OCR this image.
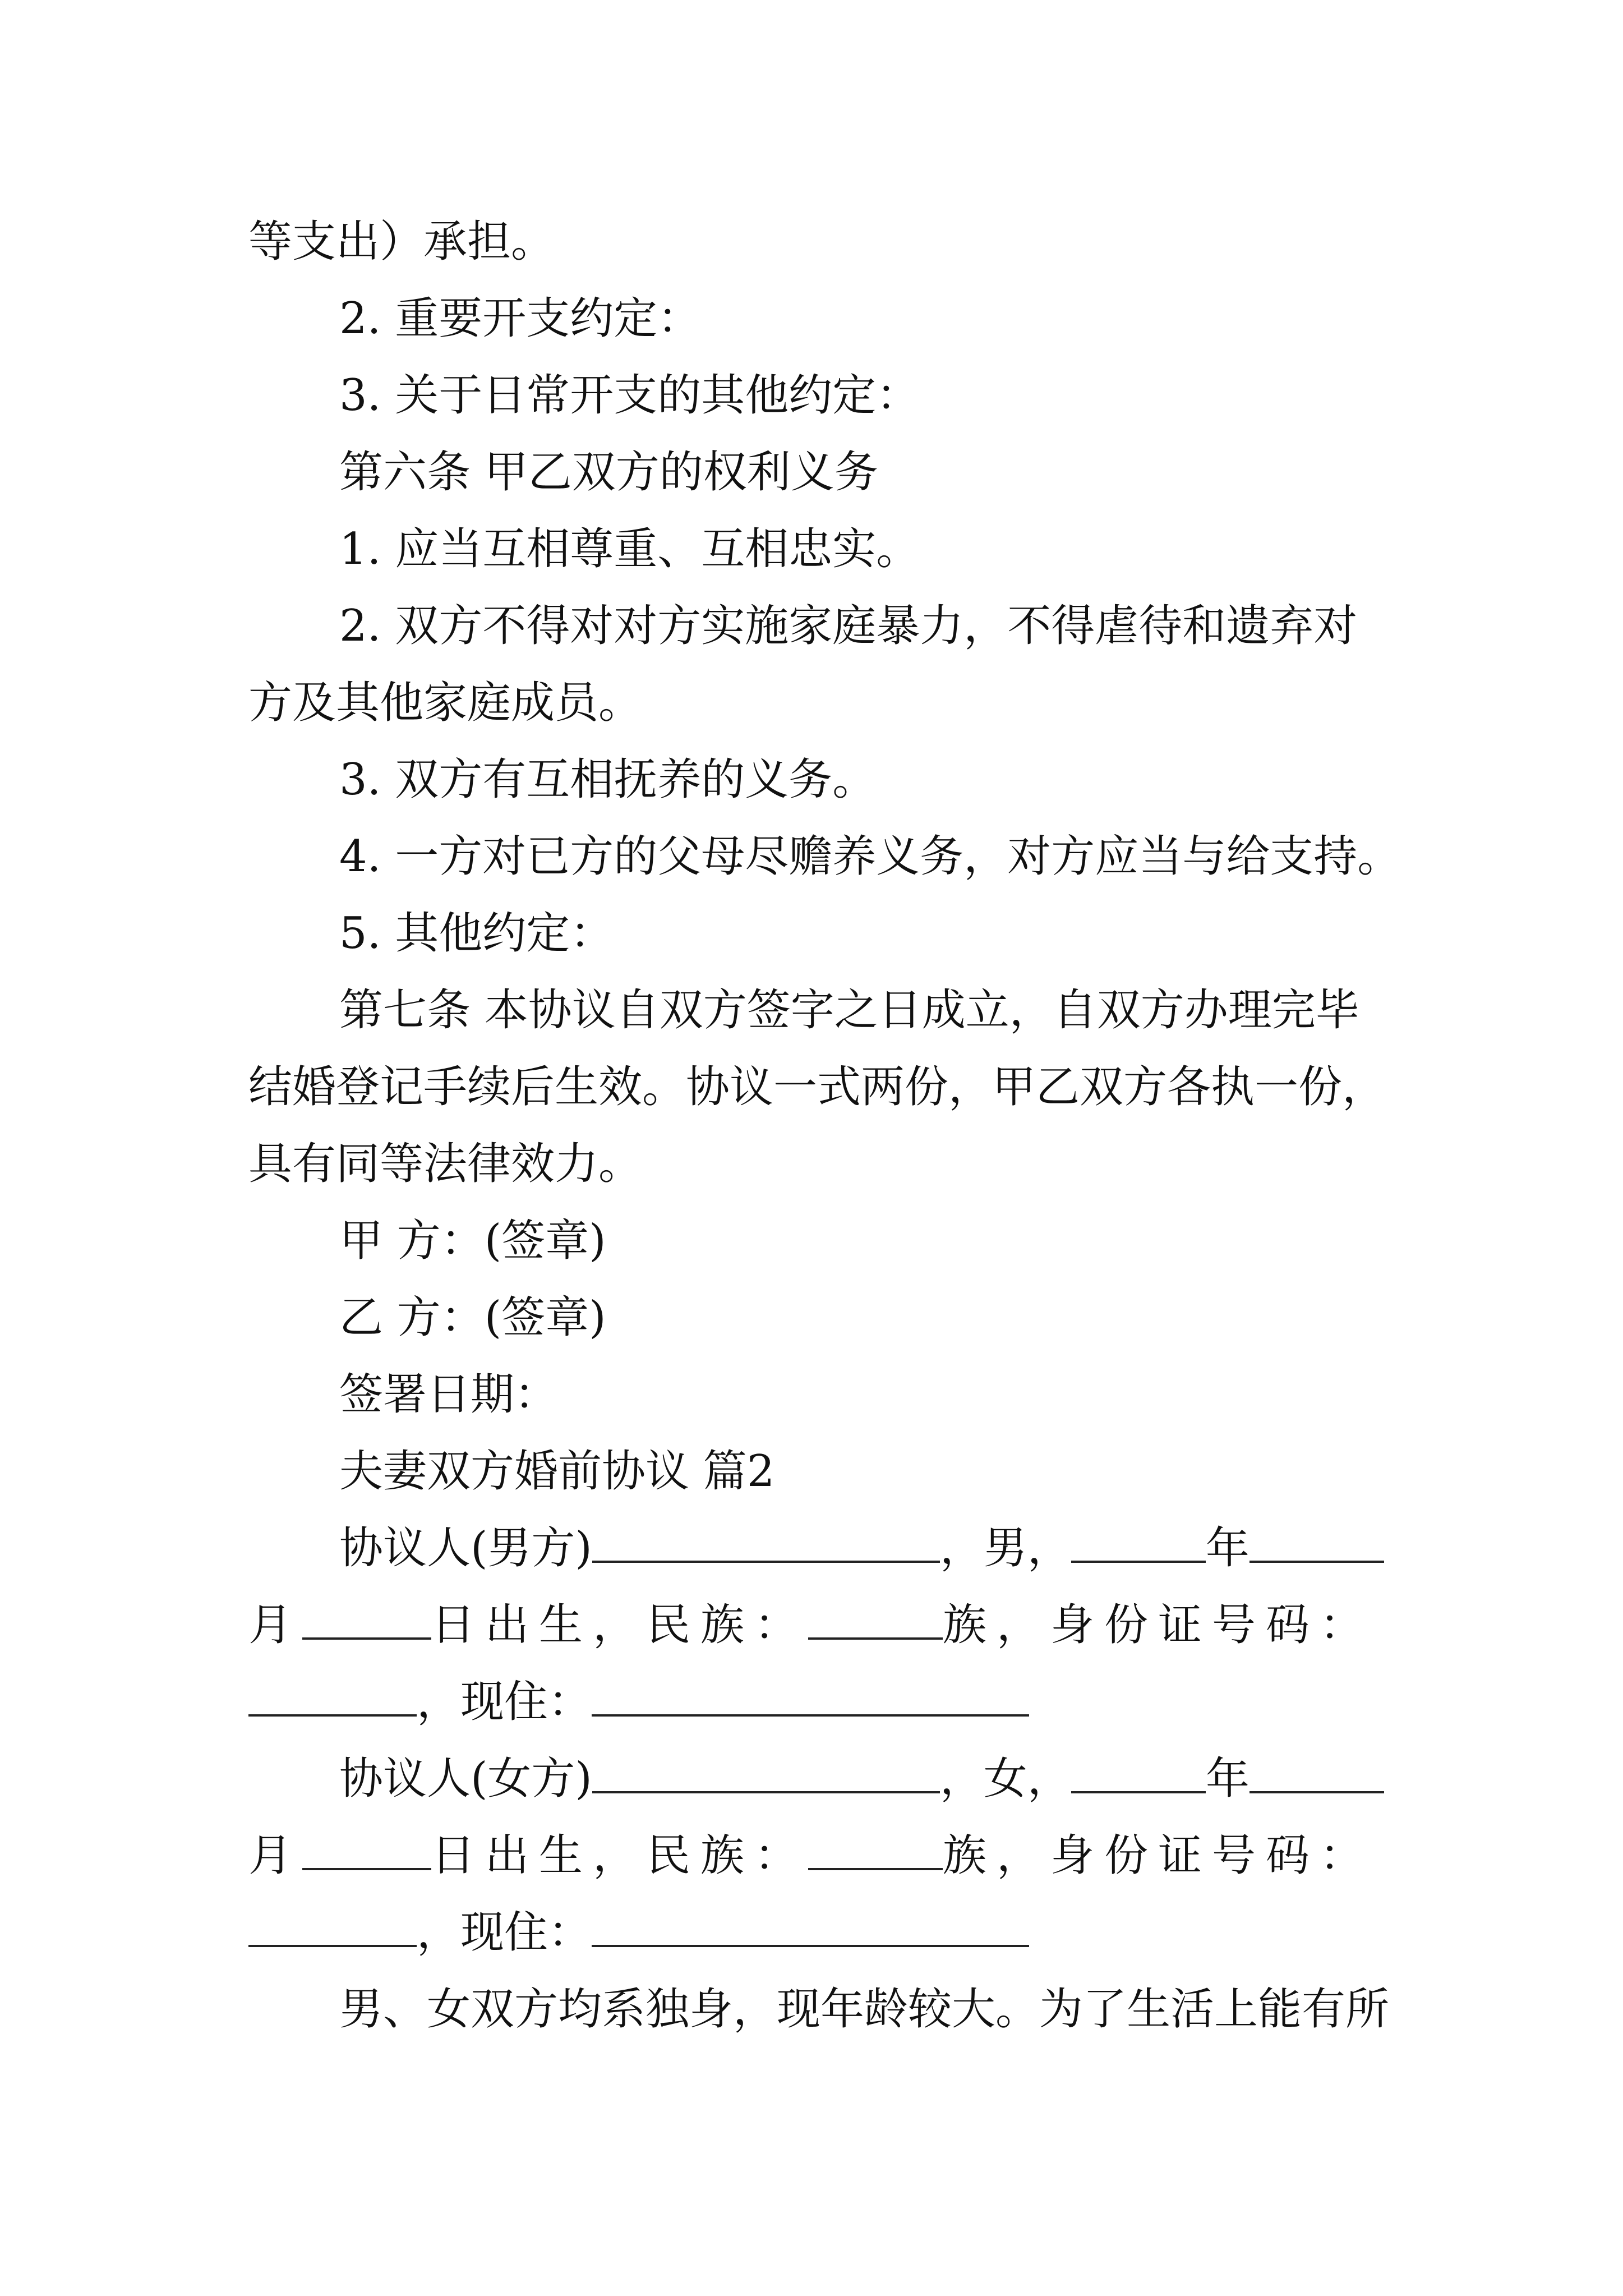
等支出）承担。
2. 重要开支约定：
3. 关于日常开支的其他约定：
第六条 甲乙双方的权利义务
1. 应当互相尊重、互相忠实。
2. 双方不得对对方实施家庭暴力，不得虐待和遗弃对
方及其他家庭成员。
3. 双方有互相抚养的义务。
4. 一方对已方的父母尽赡养义务，对方应当与给支持。
5. 其他约定：
第七条 本协议自双方签字之日成立，自双方办理完毕
结婚登记手续后生效。协议一式两份，甲乙双方各执一份，
具有同等法律效力。
甲 方：(签章)
乙 方：(签章)
签署日期：
夫妻双方婚前协议 篇2
协议人(男方)	，男，	年
月	日出生，民族：	族，身份证号码：
，现住：
协议人(女方)	，女，	年
月	日出生，民族：	族，身份证号码：
，现住：
男、女双方均系独身，现年龄较大。为了生活上能有所
